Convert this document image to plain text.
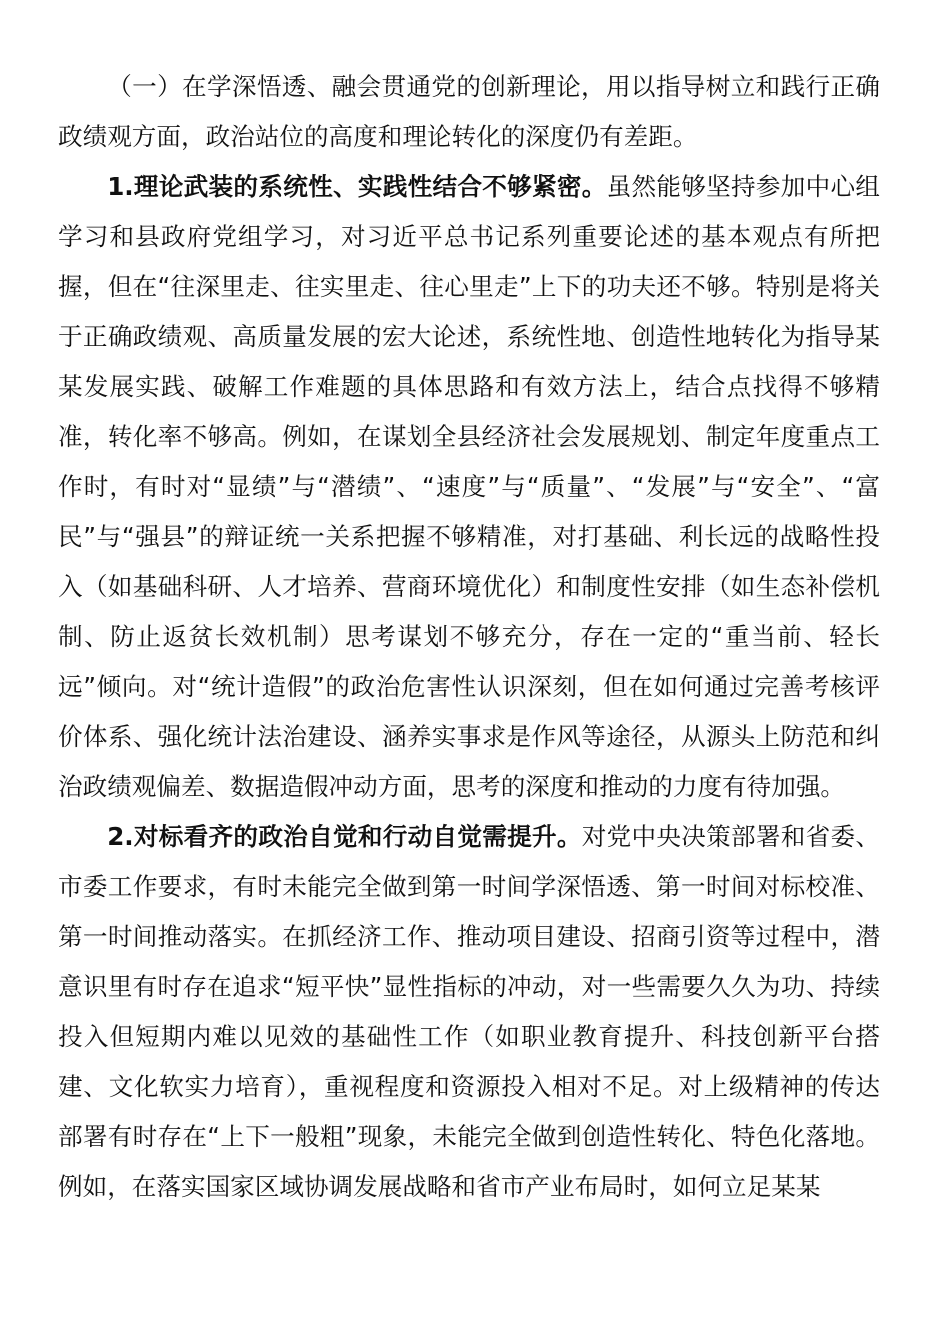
（一）在学深悟透、融会贯通党的创新理论，用以指导树立和践行正确政绩观方面，政治站位的高度和理论转化的深度仍有差距。

1.理论武装的系统性、实践性结合不够紧密。虽然能够坚持参加中心组学习和县政府党组学习，对习近平总书记系列重要论述的基本观点有所把握，但在“往深里走、往实里走、往心里走”上下的功夫还不够。特别是将关于正确政绩观、高质量发展的宏大论述，系统性地、创造性地转化为指导某某发展实践、破解工作难题的具体思路和有效方法上，结合点找得不够精准，转化率不够高。例如，在谋划全县经济社会发展规划、制定年度重点工作时，有时对“显绩”与“潜绩”、“速度”与“质量”、“发展”与“安全”、“富民”与“强县”的辩证统一关系把握不够精准，对打基础、利长远的战略性投入（如基础科研、人才培养、营商环境优化）和制度性安排（如生态补偿机制、防止返贫长效机制）思考谋划不够充分，存在一定的“重当前、轻长远”倾向。对“统计造假”的政治危害性认识深刻，但在如何通过完善考核评价体系、强化统计法治建设、涵养实事求是作风等途径，从源头上防范和纠治政绩观偏差、数据造假冲动方面，思考的深度和推动的力度有待加强。

2.对标看齐的政治自觉和行动自觉需提升。对党中央决策部署和省委、市委工作要求，有时未能完全做到第一时间学深悟透、第一时间对标校准、第一时间推动落实。在抓经济工作、推动项目建设、招商引资等过程中，潜意识里有时存在追求“短平快”显性指标的冲动，对一些需要久久为功、持续投入但短期内难以见效的基础性工作（如职业教育提升、科技创新平台搭建、文化软实力培育），重视程度和资源投入相对不足。对上级精神的传达部署有时存在“上下一般粗”现象，未能完全做到创造性转化、特色化落地。例如，在落实国家区域协调发展战略和省市产业布局时，如何立足某某
